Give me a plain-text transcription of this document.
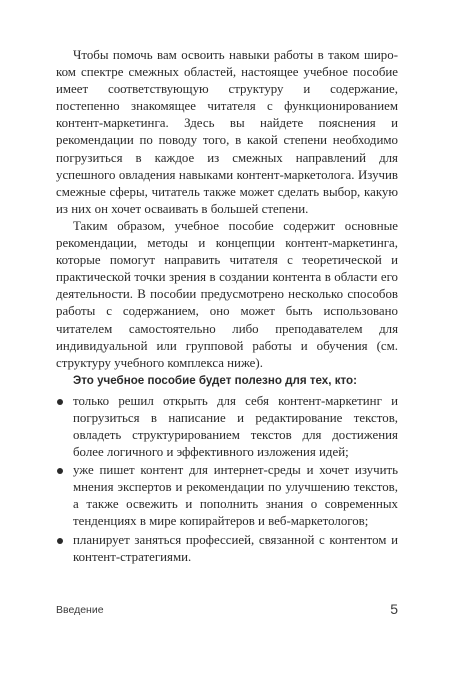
Чтобы помочь вам освоить навыки работы в таком широком спектре смежных областей, настоящее учебное пособие имеет соответствующую структуру и содержание, постепенно знакомящее читателя с функционированием контент-маркетинга. Здесь вы найдете пояснения и рекомендации по поводу того, в какой степени необходимо погрузиться в каждое из смежных направлений для успешного овладения навыками контент-маркетолога. Изучив смежные сферы, читатель также может сделать выбор, какую из них он хочет осваивать в большей степени.

Таким образом, учебное пособие содержит основные рекомендации, методы и концепции контент-маркетинга, которые помогут направить читателя с теоретической и практической точки зрения в создании контента в области его деятельности. В пособии предусмотрено несколько способов работы с содержанием, оно может быть использовано читателем самостоятельно либо преподавателем для индивидуальной или групповой работы и обучения (см. структуру учебного комплекса ниже).

Это учебное пособие будет полезно для тех, кто:
только решил открыть для себя контент-маркетинг и погрузиться в написание и редактирование текстов, овладеть структурированием текстов для достижения более логичного и эффективного изложения идей;
уже пишет контент для интернет-среды и хочет изучить мнения экспертов и рекомендации по улучшению текстов, а также освежить и пополнить знания о современных тенденциях в мире копирайтеров и веб-маркетологов;
планирует заняться профессией, связанной с контентом и контент-стратегиями.
Введение	5
